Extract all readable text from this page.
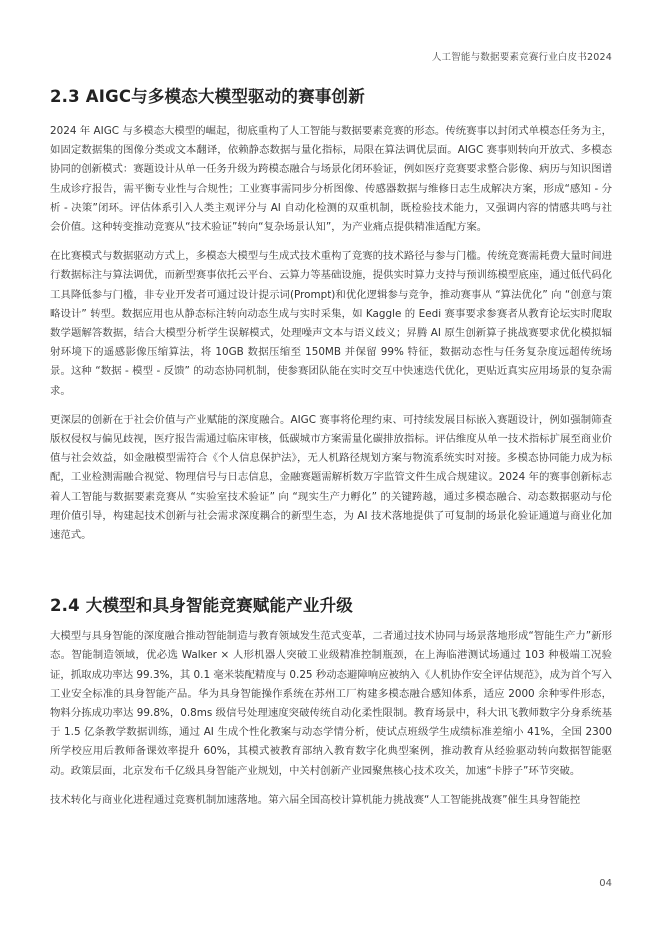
人工智能与数据要素竞赛行业白皮书2024
2.3 AIGC与多模态大模型驱动的赛事创新

2024 年 AIGC 与多模态大模型的崛起，彻底重构了人工智能与数据要素竞赛的形态。传统赛事以封闭式单模态任务为主，如固定数据集的图像分类或文本翻译，依赖静态数据与量化指标，局限在算法调优层面。AIGC 赛事则转向开放式、多模态协同的创新模式：赛题设计从单一任务升级为跨模态融合与场景化闭环验证，例如医疗竞赛要求整合影像、病历与知识图谱生成诊疗报告，需平衡专业性与合规性；工业赛事需同步分析图像、传感器数据与维修日志生成解决方案，形成“感知 - 分析 - 决策”闭环。评估体系引入人类主观评分与 AI 自动化检测的双重机制，既检验技术能力，又强调内容的情感共鸣与社会价值。这种转变推动竞赛从“技术验证”转向“复杂场景认知”，为产业痛点提供精准适配方案。

在比赛模式与数据驱动方式上，多模态大模型与生成式技术重构了竞赛的技术路径与参与门槛。传统竞赛需耗费大量时间进行数据标注与算法调优，而新型赛事依托云平台、云算力等基础设施，提供实时算力支持与预训练模型底座，通过低代码化工具降低参与门槛，非专业开发者可通过设计提示词(Prompt)和优化逻辑参与竞争，推动赛事从 “算法优化” 向 “创意与策略设计” 转型。数据应用也从静态标注转向动态生成与实时采集，如 Kaggle 的 Eedi 赛事要求参赛者从教育论坛实时爬取数学题解答数据，结合大模型分析学生误解模式，处理噪声文本与语义歧义；昇腾 AI 原生创新算子挑战赛要求优化模拟辐射环境下的遥感影像压缩算法，将 10GB 数据压缩至 150MB 并保留 99% 特征，数据动态性与任务复杂度远超传统场景。这种 “数据 - 模型 - 反馈” 的动态协同机制，使参赛团队能在实时交互中快速迭代优化，更贴近真实应用场景的复杂需求。

更深层的创新在于社会价值与产业赋能的深度融合。AIGC 赛事将伦理约束、可持续发展目标嵌入赛题设计，例如强制筛查版权侵权与偏见歧视，医疗报告需通过临床审核，低碳城市方案需量化碳排放指标。评估维度从单一技术指标扩展至商业价值与社会效益，如金融模型需符合《个人信息保护法》，无人机路径规划方案与物流系统实时对接。多模态协同能力成为标配，工业检测需融合视觉、物理信号与日志信息，金融赛题需解析数万字监管文件生成合规建议。2024 年的赛事创新标志着人工智能与数据要素竞赛从 “实验室技术验证” 向 “现实生产力孵化” 的关键跨越，通过多模态融合、动态数据驱动与伦理价值引导，构建起技术创新与社会需求深度耦合的新型生态，为 AI 技术落地提供了可复制的场景化验证通道与商业化加速范式。

2.4 大模型和具身智能竞赛赋能产业升级

大模型与具身智能的深度融合推动智能制造与教育领域发生范式变革，二者通过技术协同与场景落地形成“智能生产力”新形态。智能制造领域，优必选 Walker × 人形机器人突破工业级精准控制瓶颈，在上海临港测试场通过 103 种极端工况验证，抓取成功率达 99.3%，其 0.1 毫米装配精度与 0.25 秒动态避障响应被纳入《人机协作安全评估规范》，成为首个写入工业安全标准的具身智能产品。华为具身智能操作系统在苏州工厂构建多模态融合感知体系，适应 2000 余种零件形态，物料分拣成功率达 99.8%，0.8ms 级信号处理速度突破传统自动化柔性限制。教育场景中，科大讯飞教师数字分身系统基于 1.5 亿条教学数据训练，通过 AI 生成个性化教案与动态学情分析，使试点班级学生成绩标准差缩小 41%，全国 2300 所学校应用后教师备课效率提升 60%，其模式被教育部纳入教育数字化典型案例，推动教育从经验驱动转向数据智能驱动。政策层面，北京发布千亿级具身智能产业规划，中关村创新产业园聚焦核心技术攻关，加速“卡脖子”环节突破。

技术转化与商业化进程通过竞赛机制加速落地。第六届全国高校计算机能力挑战赛“人工智能挑战赛”催生具身智能控

04
